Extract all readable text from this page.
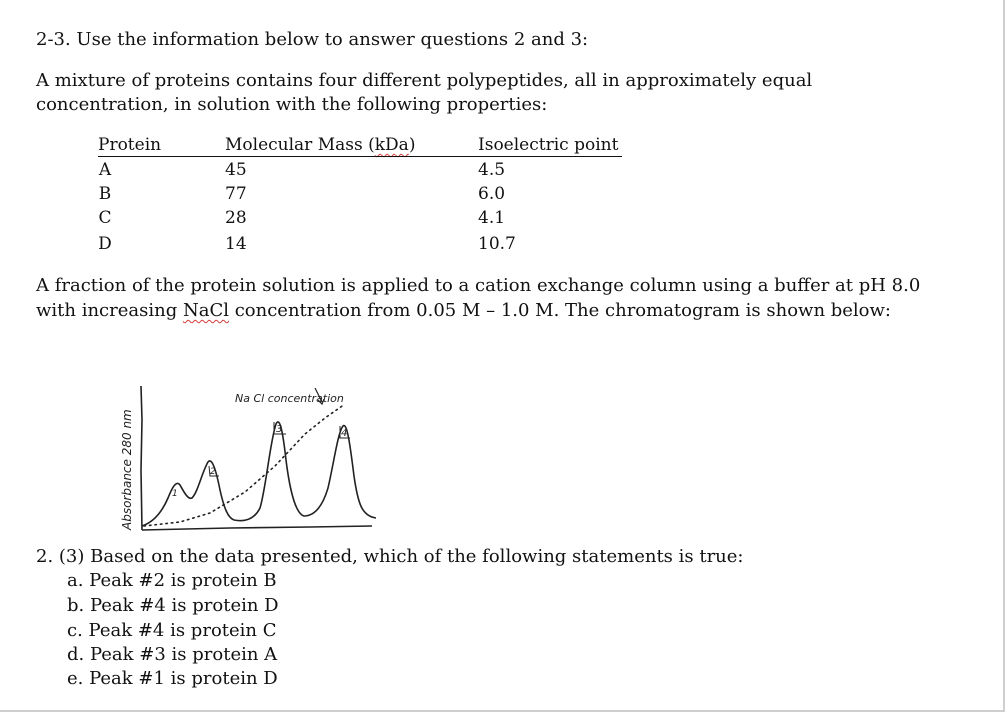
2-3. Use the information below to answer questions 2 and 3:
A mixture of proteins contains four different polypeptides, all in approximately equal
concentration, in solution with the following properties:
Protein	Molecular Mass (kDa)	Isoelectric point
A	45	4.5
B	77	6.0
C	28	4.1
D	14	10.7
A fraction of the protein solution is applied to a cation exchange column using a buffer at pH 8.0
with increasing NaCl concentration from 0.05 M – 1.0 M. The chromatogram is shown below:
Absorbance 280 nm
Na Cl concentration
1
2
3	4
2. (3) Based on the data presented, which of the following statements is true:
a. Peak #2 is protein B
b. Peak #4 is protein D
c. Peak #4 is protein C
d. Peak #3 is protein A
e. Peak #1 is protein D
